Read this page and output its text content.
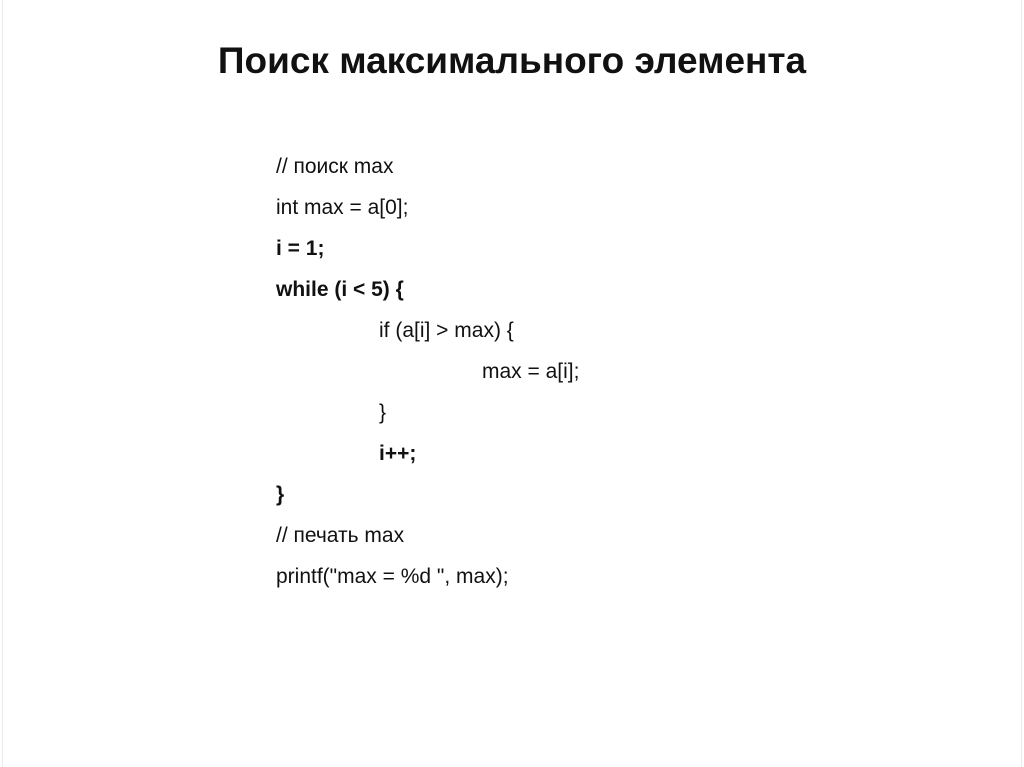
Поиск максимального элемента
// поиск max
int max = a[0];
i = 1;
while (i < 5) {
if (a[i] > max) {
max = a[i];
}
i++;
}
// печать max
printf("max = %d ", max);
